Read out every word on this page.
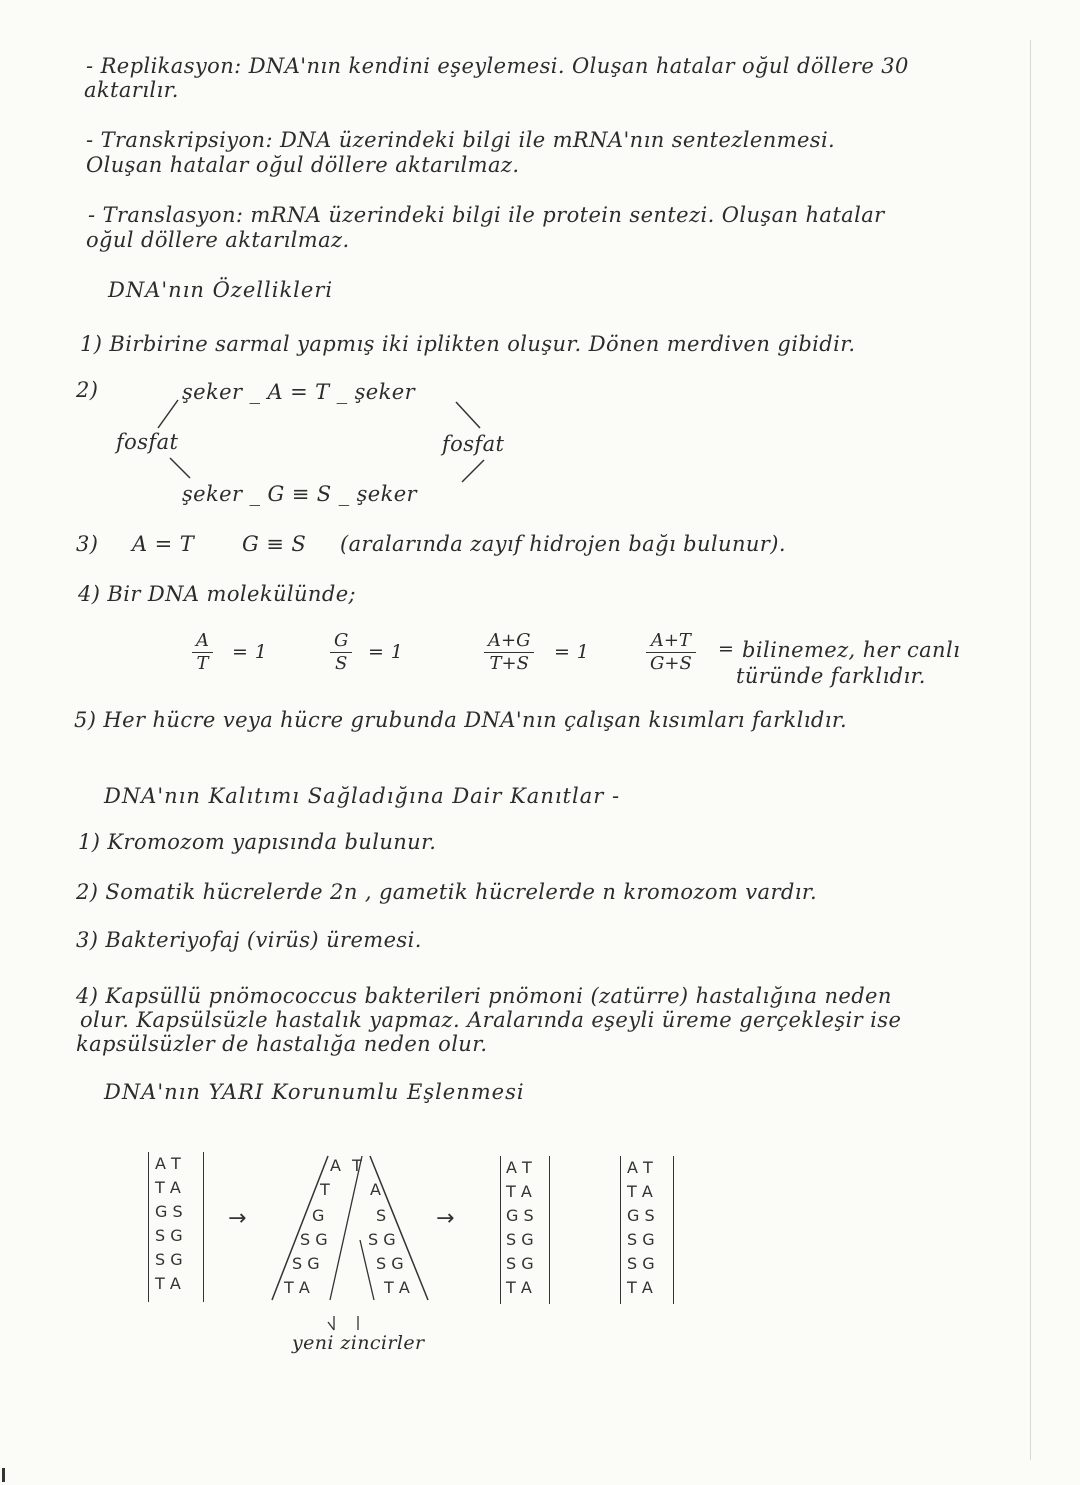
- Replikasyon: DNA'nın kendini eşeylemesi. Oluşan hatalar oğul döllere 30
aktarılır.
- Transkripsiyon: DNA üzerindeki bilgi ile mRNA'nın sentezlenmesi.
Oluşan hatalar oğul döllere aktarılmaz.
- Translasyon: mRNA üzerindeki bilgi ile protein sentezi. Oluşan hatalar
oğul döllere aktarılmaz.
DNA'nın Özellikleri
1) Birbirine sarmal yapmış iki iplikten oluşur. Dönen merdiven gibidir.
2)	şeker _ A = T _ şeker
fosfat	fosfat
şeker _ G ≡ S _ şeker
3) A = T G ≡ S (aralarında zayıf hidrojen bağı bulunur).
4) Bir DNA molekülünde;
$\frac{A}{T} = 1$	$\frac{G}{S} = 1$	$\frac{A+G}{T+S} = 1$	$\frac{A+T}{G+S}$ = bilinemez, her canlı
türünde farklıdır.
5) Her hücre veya hücre grubunda DNA'nın çalışan kısımları farklıdır.
DNA'nın Kalıtımı Sağladığına Dair Kanıtlar -
1) Kromozom yapısında bulunur.
2) Somatik hücrelerde 2n , gametik hücrelerde n kromozom vardır.
3) Bakteriyofaj (virüs) üremesi.
4) Kapsüllü pnömococcus bakterileri pnömoni (zatürre) hastalığına neden
olur. Kapsülsüzle hastalık yapmaz. Aralarında eşeyli üreme gerçekleşir ise
kapsülsüzler de hastalığa neden olur.
DNA'nın YARI Korunumlu Eşlenmesi
A T
T A
G S
S G
S G
T A
→
A
T
G
S G
S G
T A
T
A
S
S G
S G
T A
yeni zincirler
→
A T
T A
G S
S G
S G
T A
A T
T A
G S
S G
S G
T A
